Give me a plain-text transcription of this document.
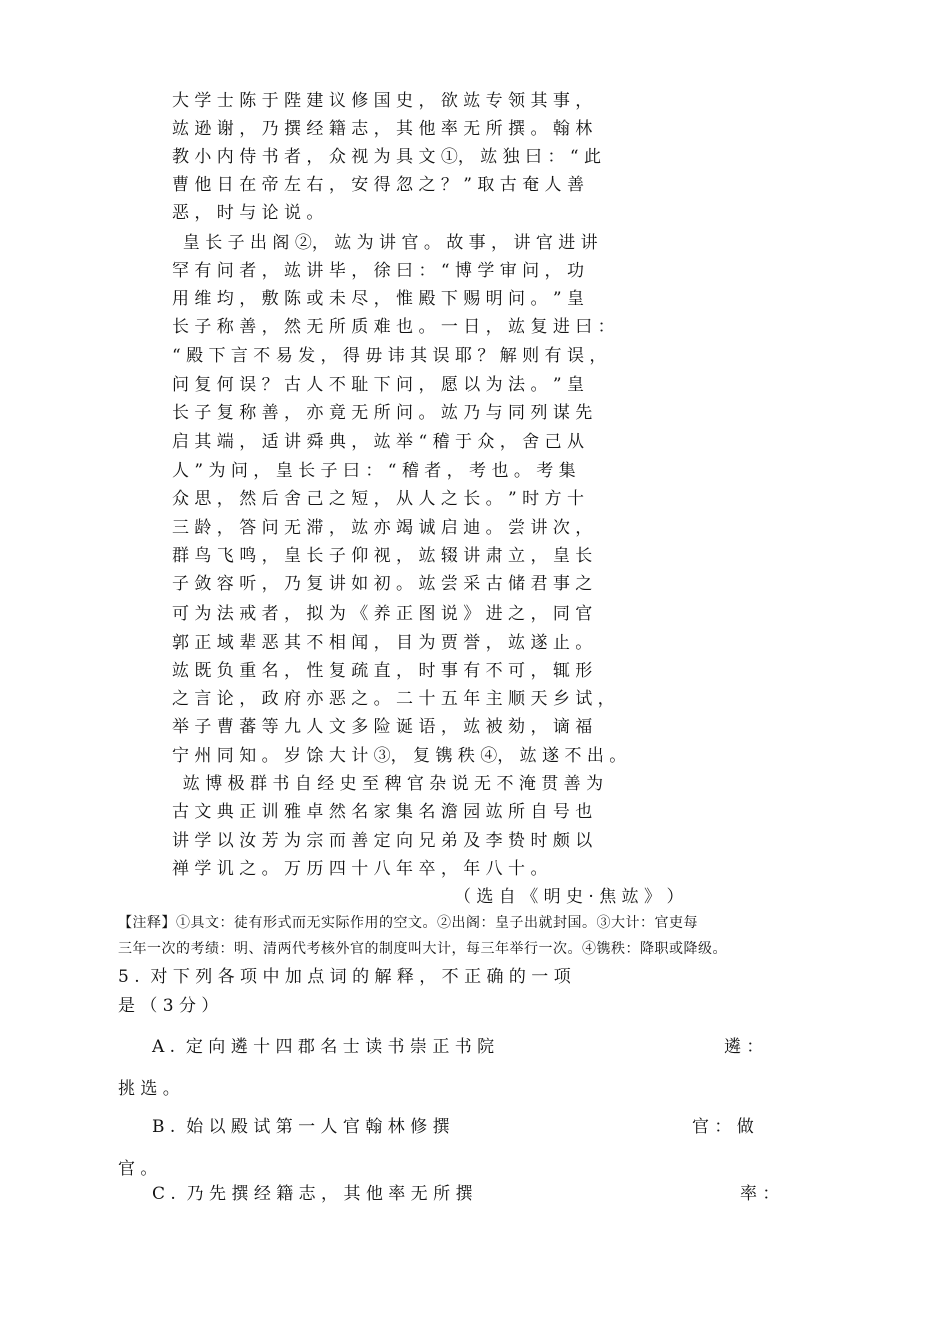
大 学 士 陈 于 陛 建 议 修 国 史 ， 欲 竑 专 领 其 事 ，
竑 逊 谢 ， 乃 撰 经 籍 志 ， 其 他 率 无 所 撰 。 翰 林
教 小 内 侍 书 者 ， 众 视 为 具 文 ①， 竑 独 曰 ： “ 此
曹 他 日 在 帝 左 右 ， 安 得 忽 之 ？ ” 取 古 奄 人 善
恶 ， 时 与 论 说 。
皇 长 子 出 阁 ②， 竑 为 讲 官 。 故 事 ， 讲 官 进 讲
罕 有 问 者 ， 竑 讲 毕 ， 徐 曰 ： “ 博 学 审 问 ， 功
用 维 均 ， 敷 陈 或 未 尽 ， 惟 殿 下 赐 明 问 。 ” 皇
长 子 称 善 ， 然 无 所 质 难 也 。 一 日 ， 竑 复 进 曰 ：
“ 殿 下 言 不 易 发 ， 得 毋 讳 其 误 耶 ？ 解 则 有 误 ，
问 复 何 误 ？ 古 人 不 耻 下 问 ， 愿 以 为 法 。 ” 皇
长 子 复 称 善 ， 亦 竟 无 所 问 。 竑 乃 与 同 列 谋 先
启 其 端 ， 适 讲 舜 典 ， 竑 举 “ 稽 于 众 ， 舍 己 从
人 ” 为 问 ， 皇 长 子 曰 ： “ 稽 者 ， 考 也 。 考 集
众 思 ， 然 后 舍 己 之 短 ， 从 人 之 长 。 ” 时 方 十
三 龄 ， 答 问 无 滞 ， 竑 亦 竭 诚 启 迪 。 尝 讲 次 ，
群 鸟 飞 鸣 ， 皇 长 子 仰 视 ， 竑 辍 讲 肃 立 ， 皇 长
子 敛 容 听 ， 乃 复 讲 如 初 。 竑 尝 采 古 储 君 事 之
可 为 法 戒 者 ， 拟 为 《 养 正 图 说 》 进 之 ， 同 官
郭 正 域 辈 恶 其 不 相 闻 ， 目 为 贾 誉 ， 竑 遂 止 。
竑 既 负 重 名 ， 性 复 疏 直 ， 时 事 有 不 可 ， 辄 形
之 言 论 ， 政 府 亦 恶 之 。 二 十 五 年 主 顺 天 乡 试 ，
举 子 曹 蕃 等 九 人 文 多 险 诞 语 ， 竑 被 劾 ， 谪 福
宁 州 同 知 。 岁 馀 大 计 ③， 复 镌 秩 ④， 竑 遂 不 出 。
竑 博 极 群 书 自 经 史 至 稗 官 杂 说 无 不 淹 贯 善 为
古 文 典 正 训 雅 卓 然 名 家 集 名 澹 园 竑 所 自 号 也
讲 学 以 汝 芳 为 宗 而 善 定 向 兄 弟 及 李 贽 时 颇 以
禅 学 讥 之 。 万 历 四 十 八 年 卒 ， 年 八 十 。
（ 选 自 《 明 史 · 焦 竑 》 ）
【注释】①具文：徒有形式而无实际作用的空文。②出阁：皇子出就封国。③大计：官吏每
三年一次的考绩：明、清两代考核外官的制度叫大计，每三年举行一次。④镌秩：降职或降级。
5 .  对 下 列 各 项 中 加 点 词 的 解 释 ， 不 正 确 的 一 项
是 （ 3 分 ）
A .  定 向 遴 十 四 郡 名 士 读 书 崇 正 书 院	遴 ：
挑 选 。
B .  始 以 殿 试 第 一 人 官 翰 林 修 撰	官 ： 做
官 。
C .  乃 先 撰 经 籍 志 ， 其 他 率 无 所 撰	率 ：
